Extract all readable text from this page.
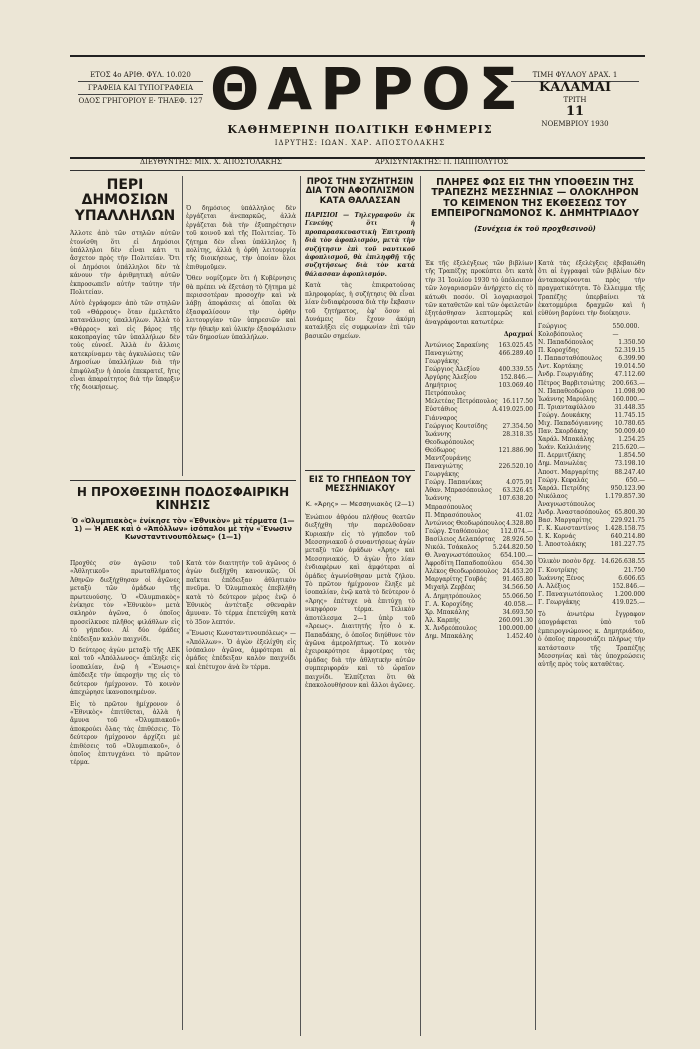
ΕΤΟΣ 4ο ΑΡΙΘ. ΦΥΛ. 10.020
ΓΡΑΦΕΙΑ ΚΑΙ ΤΥΠΟΓΡΑΦΕΙΑ
ΟΔΟΣ ΓΡΗΓΟΡΙΟΥ Ε· ΤΗΛΕΦ. 127 ΘΑΡΡΟΣ
ΚΑΘΗΜΕΡΙΝΗ ΠΟΛΙΤΙΚΗ ΕΦΗΜΕΡΙΣ
ΙΔΡΥΤΗΣ: ΙΩΑΝ. ΧΑΡ. ΑΠΟΣΤΟΛΑΚΗΣ
ΤΙΜΗ ΦΥΛΛΟΥ ΔΡΑΧ. 1
ΚΑΛΑΜΑΙ
ΤΡΙΤΗ
11
ΝΟΕΜΒΡΙΟΥ 1930
ΔΙΕΥΘΥΝΤΗΣ: ΜΙΧ. Χ. ΑΠΟΣΤΟΛΑΚΗΣ	ΑΡΧΙΣΥΝΤΑΚΤΗΣ: Π. ΠΑΠΠΟΛΥΤΟΣ
ΠΕΡΙ ΔΗΜΟΣΙΩΝ ΥΠΑΛΛΗΛΩΝ

Άλλοτε ἀπὸ τῶν στηλῶν αὐτῶν ἐτονίσθη ὅτι εἰ Δημόσιοι ὑπάλληλοι δὲν εἶναι κάτι τι ἄσχετον πρὸς τὴν Πολιτείαν. Ὅτι οἱ Δημόσιοι ὑπάλληλοι δὲν τὰ κάνουν τὴν ἀριθμητικὴ αὐτῶν ἐκπροσωπεῖν αὐτὴν ταύτην τὴν Πολιτείαν.

Αὐτὸ ἐγράφομεν ἀπὸ τῶν στηλῶν τοῦ «Θάρρους» ὅταν ἐμελετᾶτο κατανάλυσις ὑπαλλήλων. Ἀλλὰ τὸ «Θάρρος» καὶ εἰς βάρος τῆς κακοπραγίας τῶν ὑπαλλήλων δὲν τοὺς εὐνοεῖ. Ἀλλὰ ἐν ἄλλοις κατεκρίναμεν τὰς ἀγκυλώσεις τῶν Δημοσίων ὑπαλλήλων διὰ τὴν ἐπιφύλαξιν ἡ ὁποία ἐπεκρατεῖ, ἥτις εἶναι ἀπαραίτητος διὰ τὴν ὕπαρξιν τῆς διοικήσεως.

Ὁ δημόσιος ὑπάλληλος δὲν ἐργάζεται ἀνεπαρκῶς, ἀλλὰ ἐργάζεται διὰ τὴν ἐξυπηρέτησιν τοῦ κοινοῦ καὶ τῆς Πολιτείας. Τὸ ζήτημα δὲν εἶναι ὑπάλληλος ἢ πολίτης, ἀλλὰ ἡ ὀρθὴ λειτουργία τῆς διοικήσεως, τὴν ὁποίαν ὅλοι ἐπιθυμοῦμεν.

Ὅθεν νομίζομεν ὅτι ἡ Κυβέρνησις θὰ πρέπει νὰ ἐξετάσῃ τὸ ζήτημα μὲ περισσοτέραν προσοχὴν καὶ νὰ λάβῃ ἀποφάσεις αἱ ὁποῖαι θὰ ἐξασφαλίσουν τὴν ὀρθὴν λειτουργίαν τῶν ὑπηρεσιῶν καὶ τὴν ἠθικὴν καὶ ὑλικὴν ἐξασφάλισιν τῶν δημοσίων ὑπαλλήλων.

ΠΡΟΣ ΤΗΝ ΣΥΖΗΤΗΣΙΝ ΔΙΑ ΤΟΝ ΑΦΟΠΛΙΣΜΟΝ ΚΑΤΑ ΘΑΛΑΣΣΑΝ

ΠΑΡΙΣΙΟΙ — Τηλεγραφοῦν ἐκ Γενεύης ὅτι ἡ προπαρασκευαστικὴ Ἐπιτροπὴ διὰ τὸν ἀφοπλισμόν, μετὰ τὴν συζήτησιν ἐπὶ τοῦ ναυτικοῦ ἀφοπλισμοῦ, θὰ ἐπιληφθῇ τῆς συζητήσεως διὰ τὸν κατὰ θάλασσαν ἀφοπλισμόν.

Κατὰ τὰς ἐπικρατούσας πληροφορίας, ἡ συζήτησις θὰ εἶναι λίαν ἐνδιαφέρουσα διὰ τὴν ἔκβασιν τοῦ ζητήματος, ἐφ' ὅσον αἱ Δυνάμεις δὲν ἔχουν ἀκόμη καταλήξει εἰς συμφωνίαν ἐπὶ τῶν βασικῶν σημείων.

Η ΠΡΟΧΘΕΣΙΝΗ ΠΟΔΟΣΦΑΙΡΙΚΗ ΚΙΝΗΣΙΣ
Ὁ «Ὀλυμπιακὸς» ἐνίκησε τὸν «Ἐθνικὸν» μὲ τέρματα (1—1) — Ἡ ΑΕΚ καὶ ὁ «Ἀπόλλων» ἰσόπαλοι μὲ τὴν «Ἕνωσιν Κωνσταντινουπόλεως» (1—1)

Προχθὲς σὺν ἀγῶσιν τοῦ «Ἀθλητικοῦ» πρωταθλήματος Ἀθηνῶν διεξήχθησαν οἱ ἀγῶνες μεταξὺ τῶν ὁμάδων τῆς πρωτευούσης. Ὁ «Ὀλυμπιακὸς» ἐνίκησε τὸν «Ἐθνικὸν» μετὰ σκληρὸν ἀγῶνα, ὁ ὁποῖος προσείλκυσε πλῆθος φιλάθλων εἰς τὸ γήπεδον. Αἱ δύο ὁμάδες ἐπέδειξαν καλὸν παιχνίδι.

Ὁ δεύτερος ἀγὼν μεταξὺ τῆς ΑΕΚ καὶ τοῦ «Ἀπόλλωνος» ἀπέληξε εἰς ἰσοπαλίαν, ἐνῷ ἡ «Ἕνωσις» ἀπέδειξε τὴν ὑπεροχήν της εἰς τὸ δεύτερον ἡμίχρονον. Τὸ κοινὸν ἀπεχώρησε ἱκανοποιημένον.

Εἰς τὸ πρῶτον ἡμίχρονον ὁ «Ἐθνικὸς» ἐπιτίθεται, ἀλλὰ ἡ ἄμυνα τοῦ «Ὀλυμπιακοῦ» ἀποκρούει ὅλας τὰς ἐπιθέσεις. Τὸ δεύτερον ἡμίχρονον ἀρχίζει μὲ ἐπιθέσεις τοῦ «Ὀλυμπιακοῦ», ὁ ὁποῖος ἐπιτυγχάνει τὸ πρῶτον τέρμα.

Κατὰ τὸν διαιτητὴν τοῦ ἀγῶνος ὁ ἀγὼν διεξήχθη κανονικῶς. Οἱ παῖκται ἐπέδειξαν ἀθλητικὸν πνεῦμα. Ὁ Ὀλυμπιακὸς ἐπεβλήθη κατὰ τὸ δεύτερον μέρος ἐνῷ ὁ Ἐθνικὸς ἀντέταξε σθεναρὰν ἄμυναν. Τὸ τέρμα ἐπετεύχθη κατὰ τὸ 35ον λεπτόν.

«Ἕνωσις Κωνσταντινουπόλεως» — «Ἀπόλλων». Ὁ ἀγὼν ἐξελίχθη εἰς ἰσόπαλον ἀγῶνα, ἀμφότεραι αἱ ὁμάδες ἐπέδειξαν καλὸν παιχνίδι καὶ ἐπέτυχον ἀνὰ ἓν τέρμα.

ΕΙΣ ΤΟ ΓΗΠΕΔΟΝ ΤΟΥ ΜΕΣΣΗΝΙΑΚΟΥ
Κ. «Άρης» — Μεσσηνιακὸς (2—1)

Ἐνώπιον ἀθρόου πλήθους θεατῶν διεξήχθη τὴν παρελθοῦσαν Κυριακὴν εἰς τὸ γήπεδον τοῦ Μεσσηνιακοῦ ὁ συναντήσεως ἀγὼν μεταξὺ τῶν ὁμάδων «Άρης» καὶ Μεσσηνιακός. Ὁ ἀγὼν ἦτο λίαν ἐνδιαφέρων καὶ ἀμφότεραι αἱ ὁμάδες ἀγωνίσθησαν μετὰ ζήλου. Τὸ πρῶτον ἡμίχρονον ἔληξε μὲ ἰσοπαλίαν, ἐνῷ κατὰ τὸ δεύτερον ὁ «Άρης» ἐπέτυχε νὰ ἐπιτύχῃ τὸ νικηφόρον τέρμα. Τελικὸν ἀποτέλεσμα 2—1 ὑπὲρ τοῦ «Άρεως». Διαιτητὴς ἦτο ὁ κ. Παπαδάκης, ὁ ὁποῖος διηύθυνε τὸν ἀγῶνα ἀμερολήπτως. Τὸ κοινὸν ἐχειροκρότησε ἀμφοτέρας τὰς ὁμάδας διὰ τὴν ἀθλητικὴν αὐτῶν συμπεριφοράν καὶ τὸ ὡραῖον παιχνίδι. Ἐλπίζεται ὅτι θὰ ἐπακολουθήσουν καὶ ἄλλοι ἀγῶνες.

ΠΛΗΡΕΣ ΦΩΣ ΕΙΣ ΤΗΝ ΥΠΟΘΕΣΙΝ ΤΗΣ ΤΡΑΠΕΖΗΣ ΜΕΣΣΗΝΙΑΣ — ΟΛΟΚΛΗΡΟΝ ΤΟ ΚΕΙΜΕΝΟΝ ΤΗΣ ΕΚΘΕΣΕΩΣ ΤΟΥ ΕΜΠΕΙΡΟΓΝΩΜΟΝΟΣ Κ. ΔΗΜΗΤΡΙΑΔΟΥ
(Συνέχεια ἐκ τοῦ προχθεσινοῦ)

Ἐκ τῆς ἐξελέγξεως τῶν βιβλίων τῆς Τραπέζης προκύπτει ὅτι κατὰ τὴν 31 Ἰουλίου 1930 τὸ ὑπόλοιπον τῶν λογαριασμῶν ἀνήρχετο εἰς τὸ κάτωθι ποσόν. Οἱ λογαριασμοὶ τῶν καταθετῶν καὶ τῶν ὀφειλετῶν ἐξητάσθησαν λεπτομερῶς καὶ ἀναγράφονται κατωτέρω:

Δραχμαί
Ἀντώνιος Σαρακίνης 163.025.45
Παναγιώτης Γεωργάκης
466.289.40
Γεώργιος Ἀλεξίου	400.339.55
Ἀργύρης Ἀλεξίου	152.846.—
Δημήτριος Πετρόπουλος
103.069.40
Μελετέας Πετρόπουλος 16.117.50
Εὐστάθιος Α. Γιάνναρος
419.025.00
Γεώργιος Κουτσίδης 27.354.50
Ἰωάννης Θεοδωρόπουλος
28.318.35
Θεόδωρος Μαντζουράνης
121.886.90
Παναγιώτης Γεωργάκης
226.520.10
Γεώργ. Παπανίκας	4.075.91
Ἀθαν. Μπρασόπουλος 63.326.45
Ἰωάννης Μπρασόπουλος
107.638.20
Π. Μπρασόπουλος	41.02
Ἀντώνιος Θεοδωρόπουλος 4.328.80
Γεώργ. Σταθόπουλος 112.074.—
Βασίλειος Δελαπόρτας 28.926.50
Νικόλ. Τσάκαλος 5.244.820.50
Θ. Ἀναγνωστόπουλος 654.100.—
Ἀφροδίτη Παπαδοπούλου 654.30
Ἀλέκος Θεοδωρόπουλος 24.453.20
Μαργαρίτης Γουβάς	91.465.80
Μιχαὴλ Ζερβέας	34.566.50
Α. Δημητρόπουλος	55.066.50
Γ. Α. Κοροχίδης	40.058.—
Χρ. Μπακάλης	34.693.50
Ἀλ. Καρπής	260.091.30
Χ. Ἀνδρεόπουλος	100.000.00
Δημ. Μπακάλης	1.452.40

Κατὰ τὰς ἐξελέγξεις ἐβεβαιώθη ὅτι αἱ ἐγγραφαὶ τῶν βιβλίων δὲν ἀνταποκρίνονται πρὸς τὴν πραγματικότητα. Τὸ ἔλλειμμα τῆς Τραπέζης ὑπερβαίνει τὰ ἑκατομμύρια δραχμῶν καὶ ἡ εὐθύνη βαρύνει τὴν διοίκησιν.

Γεώργιος Κολοβόπουλος
550.000.—
Ν. Παπαδόπουλος	1.350.50
Π. Κοροχίδης	52.319.15
Ι. Παπασταθόπουλος	6.399.90
Ἀντ. Κορτάκης	19.014.50
Ἀνδρ. Γεωργιάδης	47.112.60
Πέτρος Βαρβιτσιώτης 200.663.—
Ν. Παπαθεοδώρου	11.098.90
Ἰωάννης Μαριόλης	160.000.—
Π. Τριανταφύλλου	31.448.35
Γεώργ. Δουκάκης	11.745.15
Μιχ. Παπαδόγιαννης 10.780.65
Παν. Σκορδάκης	50.009.40
Χαράλ. Μπακάλης	1.254.25
Ἰωάν. Καλλιάνης	215.620.—
Π. Δερμιτζάκης	1.854.50
Δημ. Μανωλέας	73.198.10
Ἀποστ. Μαργαρίτης	88.247.40
Γεώργ. Κεφαλάς	650.—
Χαράλ. Πετρίδης	950.123.90
Νικόλαος Ἀναγνωστόπουλος
1.179.857.30
Ἀνδρ. Ἀναστασόπουλος 65.800.30
Βασ. Μαργαρίτης	229.921.75
Γ. Κ. Κωνσταντίνος 1.428.158.75
Ἰ. Κ. Κορνάς	640.214.80
Ἰ. Ἀποστολάκης	181.227.75
Ὁλικὸν ποσὸν δρχ. 14.626.638.55
Γ. Κουτρίκης	21.750
Ἰωάννης Ξένος	6.606.65
Α. Ἀλέξιος	152.846.—
Γ. Παναγιωτόπουλος 1.200.000
Γ. Γεωργάκης	419.025.—

Τὸ ἀνωτέρω ἔγγραφον ὑπογράφεται ὑπὸ τοῦ ἐμπειρογνώμονος κ. Δημητριάδου, ὁ ὁποῖος παρουσιάζει πλήρως τὴν κατάστασιν τῆς Τραπέζης Μεσσηνίας καὶ τὰς ὑποχρεώσεις αὐτῆς πρὸς τοὺς καταθέτας.
